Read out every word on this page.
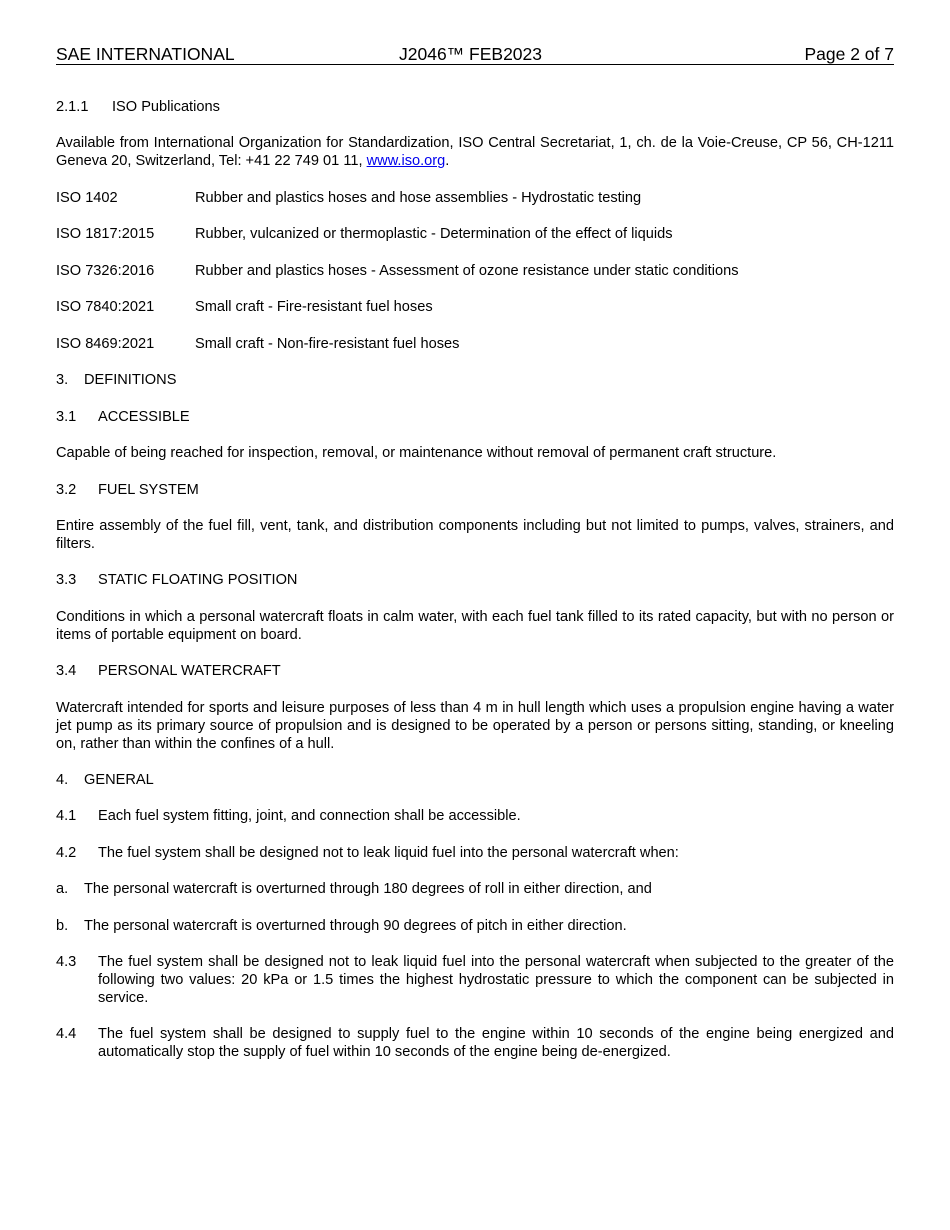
SAE INTERNATIONAL	J2046™ FEB2023	Page 2 of 7
2.1.1 ISO Publications
Available from International Organization for Standardization, ISO Central Secretariat, 1, ch. de la Voie-Creuse, CP 56, CH-1211 Geneva 20, Switzerland, Tel: +41 22 749 01 11, www.iso.org.
ISO 1402	Rubber and plastics hoses and hose assemblies - Hydrostatic testing
ISO 1817:2015	Rubber, vulcanized or thermoplastic - Determination of the effect of liquids
ISO 7326:2016	Rubber and plastics hoses - Assessment of ozone resistance under static conditions
ISO 7840:2021	Small craft - Fire-resistant fuel hoses
ISO 8469:2021	Small craft - Non-fire-resistant fuel hoses
3. DEFINITIONS
3.1 ACCESSIBLE
Capable of being reached for inspection, removal, or maintenance without removal of permanent craft structure.
3.2 FUEL SYSTEM
Entire assembly of the fuel fill, vent, tank, and distribution components including but not limited to pumps, valves, strainers, and filters.
3.3 STATIC FLOATING POSITION
Conditions in which a personal watercraft floats in calm water, with each fuel tank filled to its rated capacity, but with no person or items of portable equipment on board.
3.4 PERSONAL WATERCRAFT
Watercraft intended for sports and leisure purposes of less than 4 m in hull length which uses a propulsion engine having a water jet pump as its primary source of propulsion and is designed to be operated by a person or persons sitting, standing, or kneeling on, rather than within the confines of a hull.
4. GENERAL
4.1 Each fuel system fitting, joint, and connection shall be accessible.
4.2 The fuel system shall be designed not to leak liquid fuel into the personal watercraft when:
a. The personal watercraft is overturned through 180 degrees of roll in either direction, and
b. The personal watercraft is overturned through 90 degrees of pitch in either direction.
4.3 The fuel system shall be designed not to leak liquid fuel into the personal watercraft when subjected to the greater of the following two values: 20 kPa or 1.5 times the highest hydrostatic pressure to which the component can be subjected in service.
4.4 The fuel system shall be designed to supply fuel to the engine within 10 seconds of the engine being energized and automatically stop the supply of fuel within 10 seconds of the engine being de-energized.
